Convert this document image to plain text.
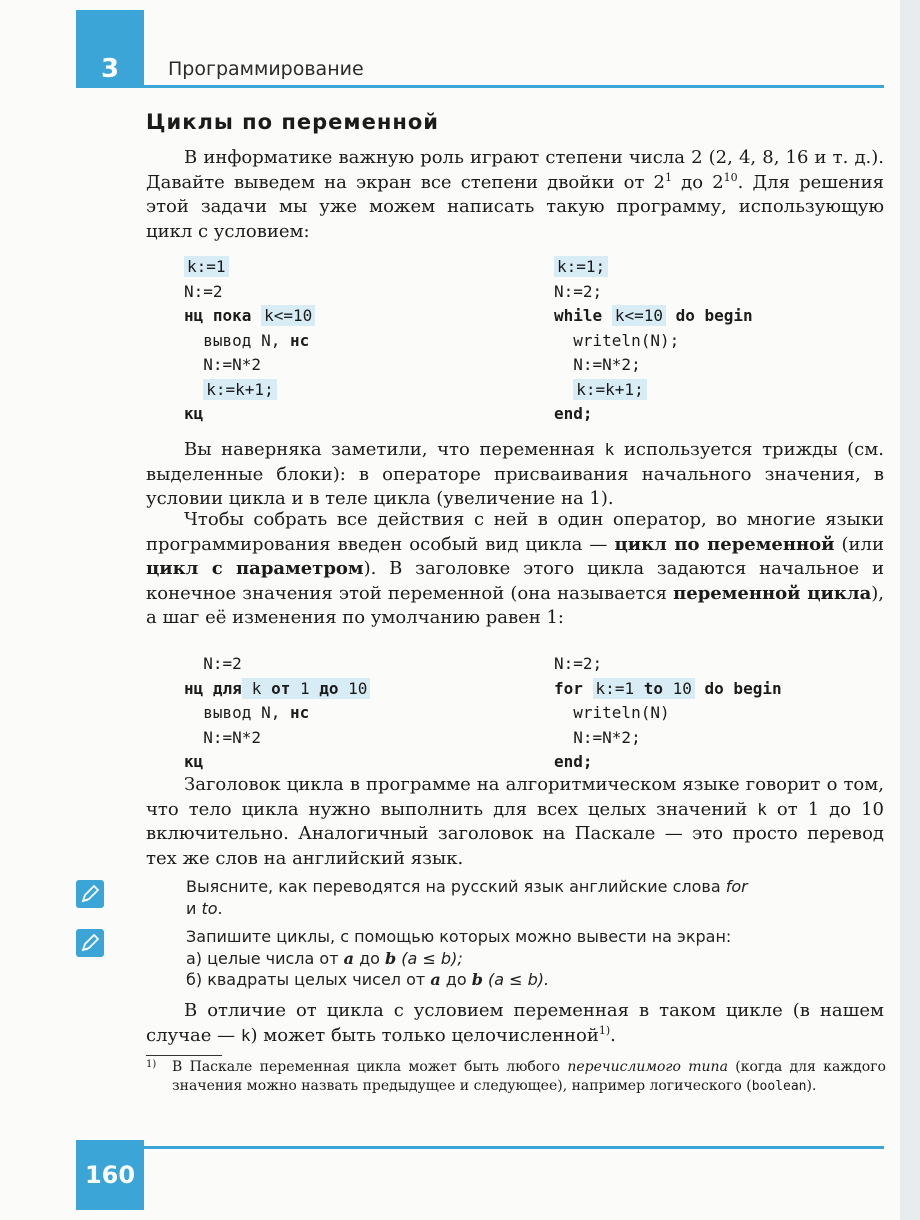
3	Программирование
Циклы по переменной

В информатике важную роль играют степени числа 2 (2, 4, 8, 16 и т. д.). Давайте выведем на экран все степени двойки от $2^1$ до $2^{10}$. Для решения этой задачи мы уже можем написать такую программу, использующую цикл с условием:

k:=1
N:=2
нц пока k<=10
вывод N, нс
N:=N*2
k:=k+1;
кц
k:=1;
N:=2;
while k<=10 do begin
writeln(N);
N:=N*2;
k:=k+1;
end;

Вы наверняка заметили, что переменная k используется трижды (см. выделенные блоки): в операторе присваивания начального значения, в условии цикла и в теле цикла (увеличение на 1).

Чтобы собрать все действия с ней в один оператор, во многие языки программирования введен особый вид цикла — цикл по переменной (или цикл с параметром). В заголовке этого цикла задаются начальное и конечное значения этой переменной (она называется переменной цикла), а шаг её изменения по умолчанию равен 1:

N:=2
нц для k от 1 до 10
вывод N, нс
N:=N*2
кц
N:=2;
for k:=1 to 10 do begin
writeln(N)
N:=N*2;
end;

Заголовок цикла в программе на алгоритмическом языке говорит о том, что тело цикла нужно выполнить для всех целых значений k от 1 до 10 включительно. Аналогичный заголовок на Паскале — это просто перевод тех же слов на английский язык.

Выясните, как переводятся на русский язык английские слова for
и to.

Запишите циклы, с помощью которых можно вывести на экран:
а) целые числа от a до b (a ≤ b);
б) квадраты целых чисел от a до b (a ≤ b).

В отличие от цикла с условием переменная в таком цикле (в нашем случае — k) может быть только целочисленной$^{1)}$.

1)	В Паскале переменная цикла может быть любого перечислимого типа (когда для каждого значения можно назвать предыдущее и следующее), например логического (boolean).

160
